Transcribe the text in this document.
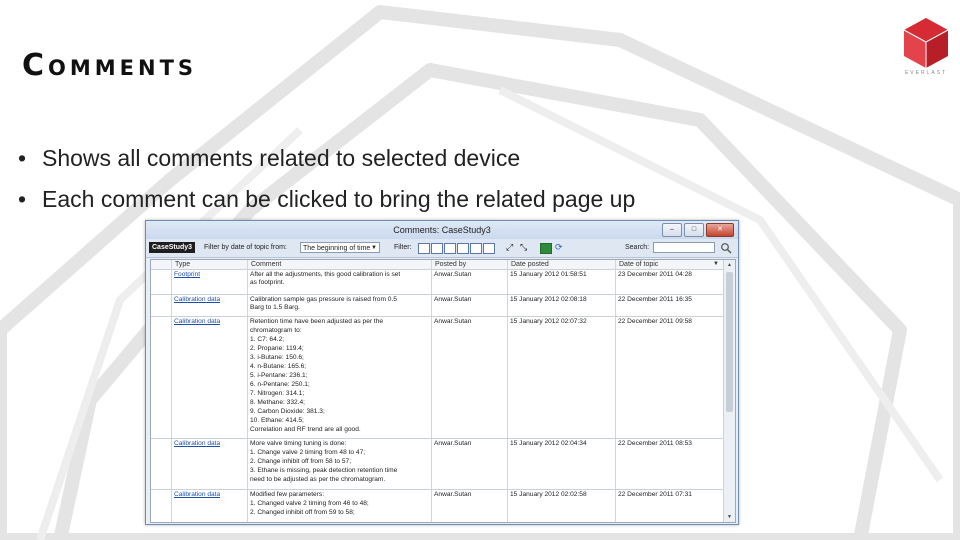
Comments	EVERLAST
• Shows all comments related to selected device
• Each comment can be clicked to bring the related page up
Comments: CaseStudy3	–	□	✕
CaseStudy3	Filter by date of topic from:	The beginning of time ▼ Filter:	⤢ ⤡	⟳	Search:
Type	Comment	Posted by	Date posted	Date of topic	▼
Footprint	After all the adjustments, this good calibration is set
as footprint.
Anwar.Sutan	15 January 2012 01:58:51	23 December 2011 04:28
Calibration data	Calibration sample gas pressure is raised from 0.5
Barg to 1.5 Barg.
Anwar.Sutan	15 January 2012 02:08:18	22 December 2011 16:35
Calibration data	Retention time have been adjusted as per the
chromatogram to:
1. C7: 64.2;
2. Propane: 119.4;
3. i-Butane: 150.6;
4. n-Butane: 165.6;
5. i-Pentane: 236.1;
6. n-Pentane: 250.1;
7. Nitrogen: 314.1;
8. Methane: 332.4;
9. Carbon Dioxide: 381.3;
10. Ethane: 414.5;
Correlation and RF trend are all good.
Anwar.Sutan	15 January 2012 02:07:32	22 December 2011 09:58
Calibration data	More valve timing tuning is done:
1. Change valve 2 timing from 48 to 47;
2. Change inhibit off from 58 to 57;
3. Ethane is missing, peak detection retention time
need to be adjusted as per the chromatogram.
Anwar.Sutan	15 January 2012 02:04:34	22 December 2011 08:53
Calibration data	Modified few parameters:
1. Changed valve 2 timing from 46 to 48;
2. Changed inhibit off from 59 to 58;
Anwar.Sutan	15 January 2012 02:02:58	22 December 2011 07:31
▲
▼
